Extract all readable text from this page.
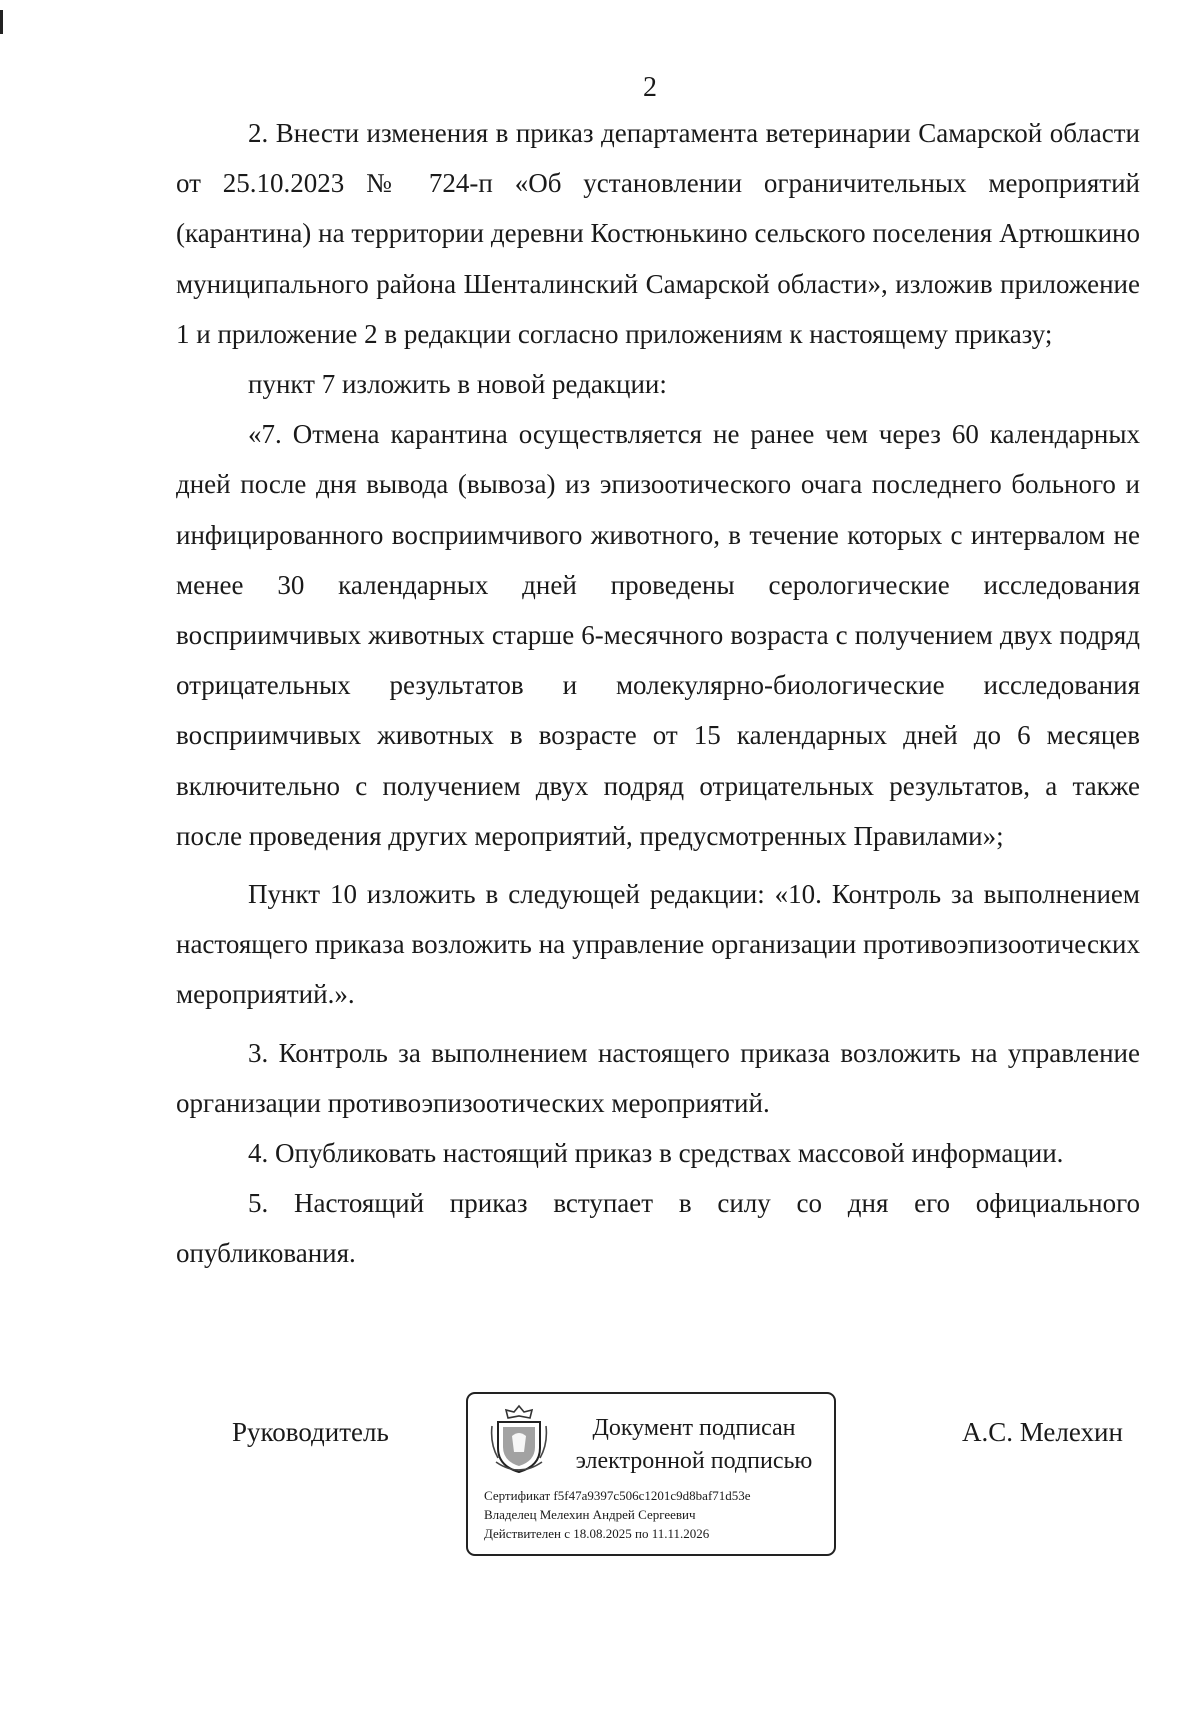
2

2. Внести изменения в приказ департамента ветеринарии Самарской области от 25.10.2023 № 724-п «Об установлении ограничительных мероприятий (карантина) на территории деревни Костюнькино сельского поселения Артюшкино муниципального района Шенталинский Самарской области», изложив приложение 1 и приложение 2 в редакции согласно приложениям к настоящему приказу;

пункт 7 изложить в новой редакции:

«7. Отмена карантина осуществляется не ранее чем через 60 календарных дней после дня вывода (вывоза) из эпизоотического очага последнего больного и инфицированного восприимчивого животного, в течение которых с интервалом не менее 30 календарных дней проведены серологические исследования восприимчивых животных старше 6-месячного возраста с получением двух подряд отрицательных результатов и молекулярно-биологические исследования восприимчивых животных в возрасте от 15 календарных дней до 6 месяцев включительно с получением двух подряд отрицательных результатов, а также после проведения других мероприятий, предусмотренных Правилами»;

Пункт 10 изложить в следующей редакции: «10. Контроль за выполнением настоящего приказа возложить на управление организации противоэпизоотических мероприятий.».

3. Контроль за выполнением настоящего приказа возложить на управление организации противоэпизоотических мероприятий.

4. Опубликовать настоящий приказ в средствах массовой информации.

5. Настоящий приказ вступает в силу со дня его официального опубликования.

Руководитель	Документ подписан
электронной подписью
Сертификат f5f47a9397c506c1201c9d8baf71d53e
Владелец Мелехин Андрей Сергеевич
Действителен с 18.08.2025 по 11.11.2026
А.С. Мелехин
